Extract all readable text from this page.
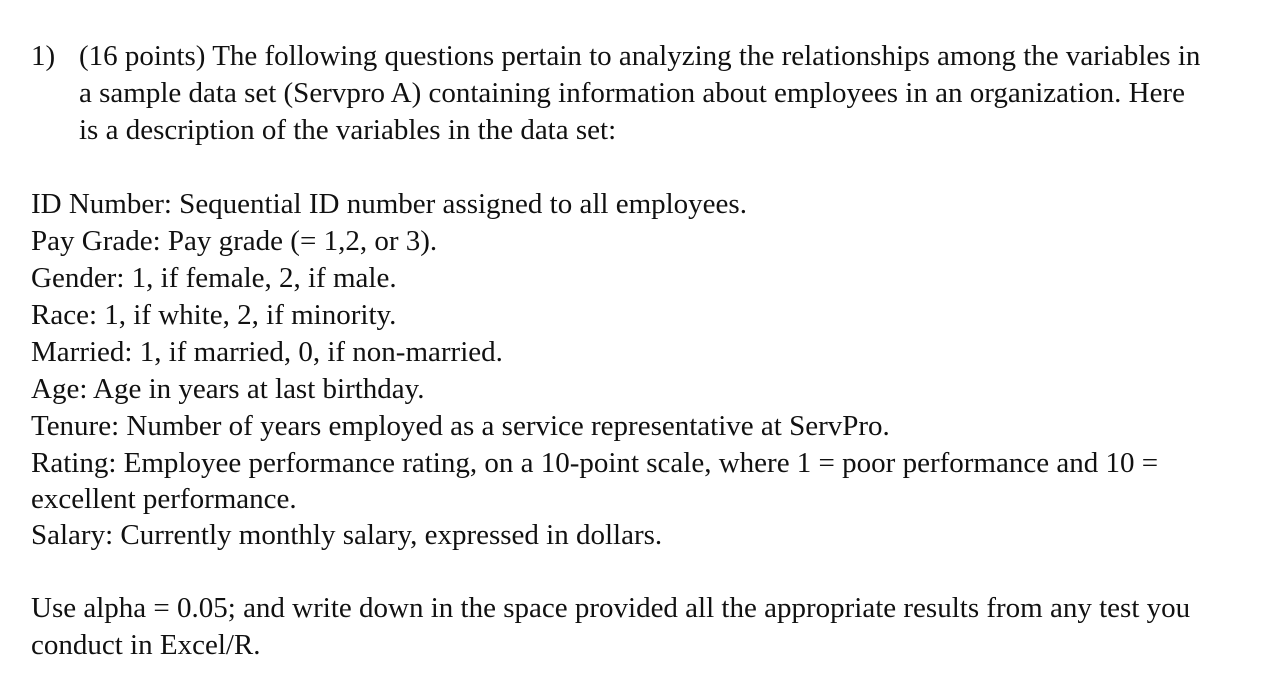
1) (16 points) The following questions pertain to analyzing the relationships among the variables in a sample data set (Servpro A) containing information about employees in an organization. Here is a description of the variables in the data set:
ID Number: Sequential ID number assigned to all employees.
Pay Grade: Pay grade (= 1,2, or 3).
Gender: 1, if female, 2, if male.
Race: 1, if white, 2, if minority.
Married: 1, if married, 0, if non-married.
Age: Age in years at last birthday.
Tenure: Number of years employed as a service representative at ServPro.
Rating: Employee performance rating, on a 10-point scale, where 1 = poor performance and 10 = excellent performance.
Salary: Currently monthly salary, expressed in dollars.
Use alpha = 0.05; and write down in the space provided all the appropriate results from any test you conduct in Excel/R.
